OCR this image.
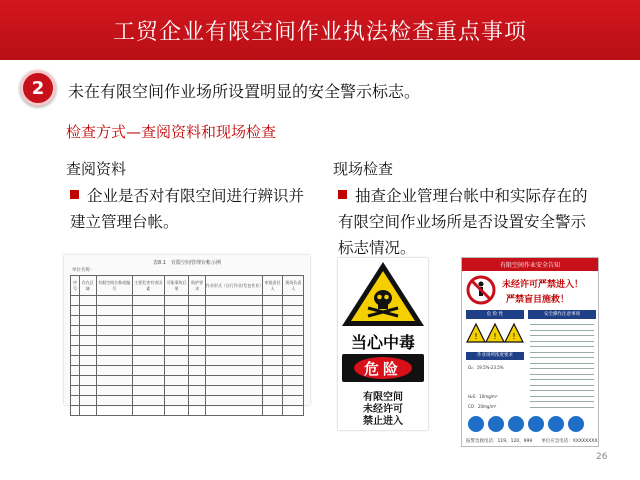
工贸企业有限空间作业执法检查重点事项
2	未在有限空间作业场所设置明显的安全警示标志。
检查方式—查阅资料和现场检查
查阅资料
企业是否对有限空间进行辨识并
建立管理台帐。
表8.1　有限空间管理台帐示例
单位名称：
序号	存在区域	有限空间名称或编号	主要危害有害因素	可能事故后果	防护要求	作业形式（自行作业/发包作业）	审批责任人	现场负责人

现场检查
抽查企业管理台帐中和实际存在的
有限空间作业场所是否设置安全警示
标志情况。
当心中毒
危险
有限空间
未经许可
禁止进入
有限空间作业安全告知
未经许可严禁进入！
严禁盲目施救！
危 险 性	安全操作注意事项
! ! !
作业场所浓度要求
O₂：19.5%-23.5%
H₂S：10mg/m³
CO：20mg/m³
报警急救电话：119、120、999　　单位应急电话：XXXXXXXX
26
